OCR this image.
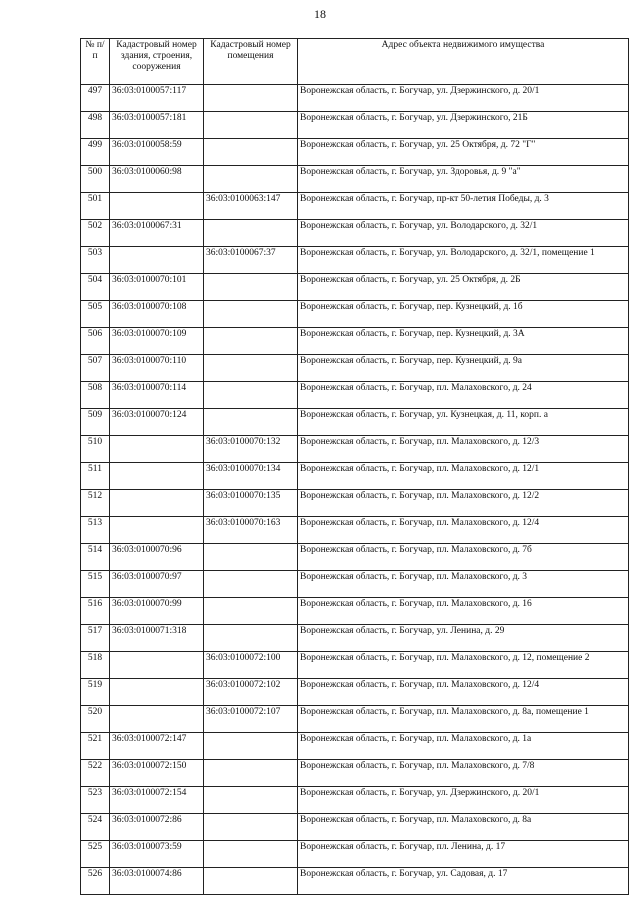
18
№ п/п	Кадастровый номер здания, строения, сооружения	Кадастровый номер помещения	Адрес объекта недвижимого имущества
497	36:03:0100057:117		Воронежская область, г. Богучар, ул. Дзержинского, д. 20/1
498	36:03:0100057:181		Воронежская область, г. Богучар, ул. Дзержинского, 21Б
499	36:03:0100058:59		Воронежская область, г. Богучар, ул. 25 Октября, д. 72 "Г"
500	36:03:0100060:98		Воронежская область, г. Богучар, ул. Здоровья, д. 9 "а"
501		36:03:0100063:147	Воронежская область, г. Богучар, пр-кт 50-летия Победы, д. 3
502	36:03:0100067:31		Воронежская область, г. Богучар, ул. Володарского, д. 32/1
503		36:03:0100067:37	Воронежская область, г. Богучар, ул. Володарского, д. 32/1, помещение 1
504	36:03:0100070:101		Воронежская область, г. Богучар, ул. 25 Октября, д. 2Б
505	36:03:0100070:108		Воронежская область, г. Богучар, пер. Кузнецкий, д. 1б
506	36:03:0100070:109		Воронежская область, г. Богучар, пер. Кузнецкий, д. 3А
507	36:03:0100070:110		Воронежская область, г. Богучар, пер. Кузнецкий, д. 9а
508	36:03:0100070:114		Воронежская область, г. Богучар, пл. Малаховского, д. 24
509	36:03:0100070:124		Воронежская область, г. Богучар, ул. Кузнецкая, д. 11, корп. а
510		36:03:0100070:132	Воронежская область, г. Богучар, пл. Малаховского, д. 12/3
511		36:03:0100070:134	Воронежская область, г. Богучар, пл. Малаховского, д. 12/1
512		36:03:0100070:135	Воронежская область, г. Богучар, пл. Малаховского, д. 12/2
513		36:03:0100070:163	Воронежская область, г. Богучар, пл. Малаховского, д. 12/4
514	36:03:0100070:96		Воронежская область, г. Богучар, пл. Малаховского, д. 7б
515	36:03:0100070:97		Воронежская область, г. Богучар, пл. Малаховского, д. 3
516	36:03:0100070:99		Воронежская область, г. Богучар, пл. Малаховского, д. 16
517	36:03:0100071:318		Воронежская область, г. Богучар, ул. Ленина, д. 29
518		36:03:0100072:100	Воронежская область, г. Богучар, пл. Малаховского, д. 12, помещение 2
519		36:03:0100072:102	Воронежская область, г. Богучар, пл. Малаховского, д. 12/4
520		36:03:0100072:107	Воронежская область, г. Богучар, пл. Малаховского, д. 8а, помещение 1
521	36:03:0100072:147		Воронежская область, г. Богучар, пл. Малаховского, д. 1а
522	36:03:0100072:150		Воронежская область, г. Богучар, пл. Малаховского, д. 7/8
523	36:03:0100072:154		Воронежская область, г. Богучар, ул. Дзержинского, д. 20/1
524	36:03:0100072:86		Воронежская область, г. Богучар, пл. Малаховского, д. 8а
525	36:03:0100073:59		Воронежская область, г. Богучар, пл. Ленина, д. 17
526	36:03:0100074:86		Воронежская область, г. Богучар, ул. Садовая, д. 17
